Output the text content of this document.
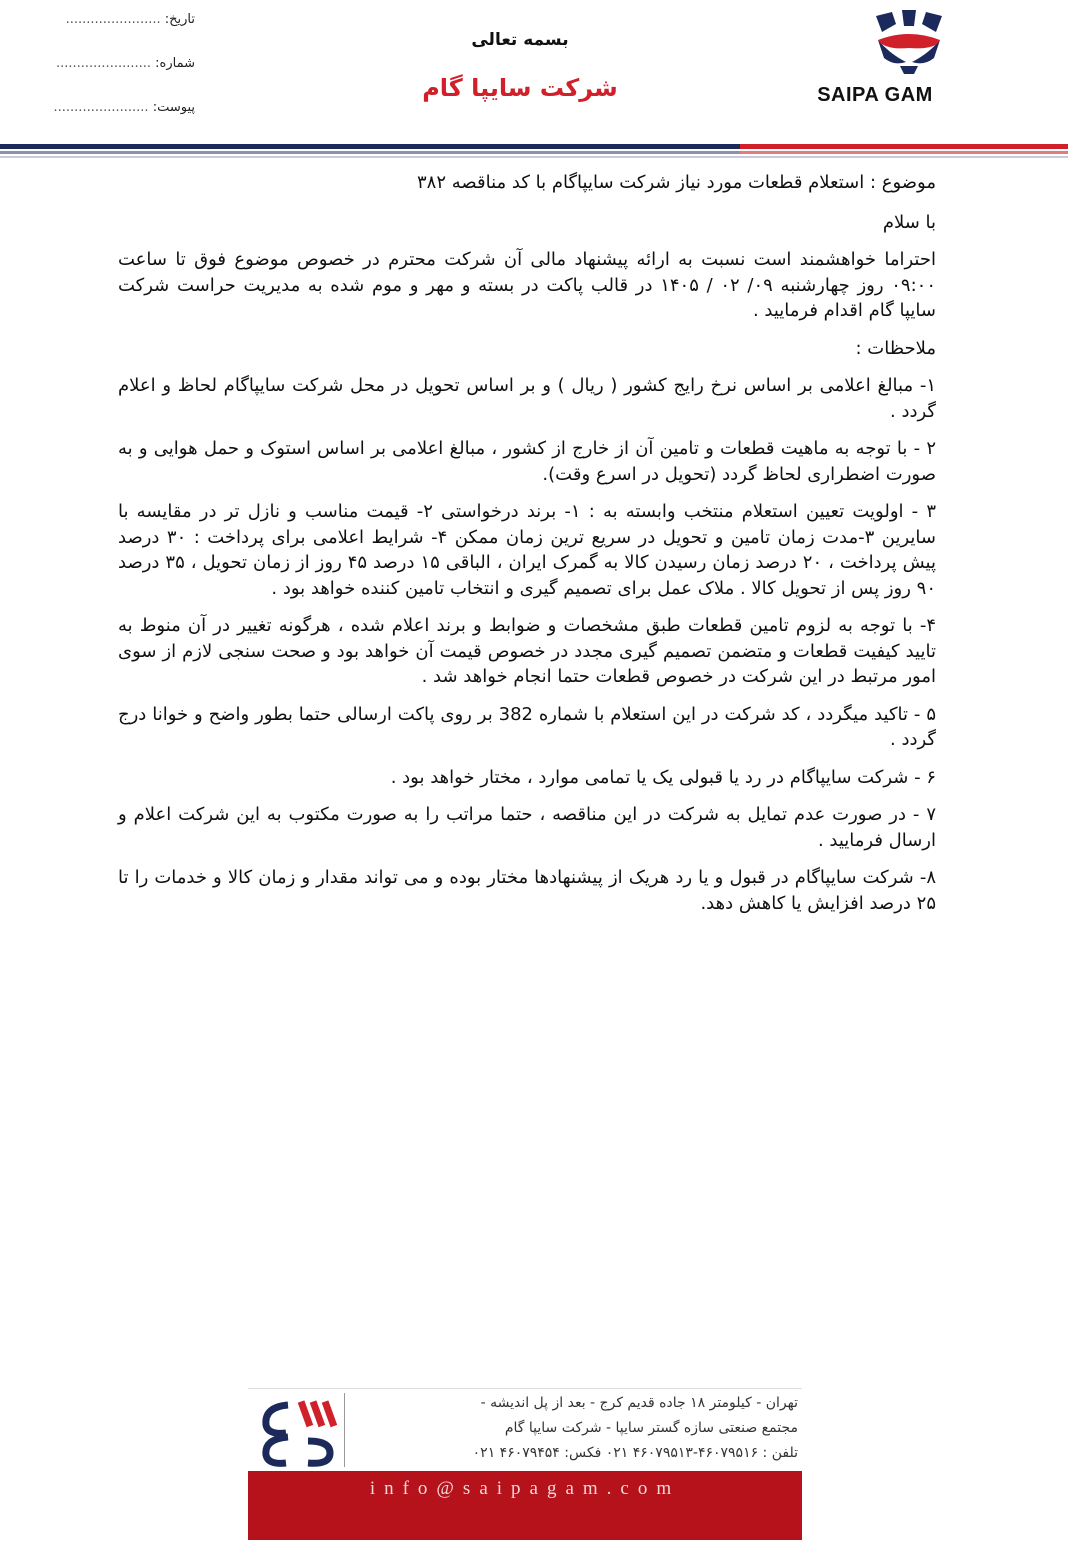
تاریخ: .......................
شماره: .......................
پیوست: .......................
بسمه تعالی
شرکت سایپا گام	SAIPA GAM

موضوع : استعلام قطعات مورد نیاز شرکت سایپاگام با کد مناقصه ۳۸۲

با سلام

احتراما خواهشمند است نسبت به ارائه پیشنهاد مالی آن شرکت محترم در خصوص موضوع فوق تا ساعت ۰۹:۰۰ روز چهارشنبه ۰۹/ ۰۲ / ۱۴۰۵ در قالب پاکت در بسته و مهر و موم شده به مدیریت حراست شرکت سایپا گام اقدام فرمایید .

ملاحظات :

۱- مبالغ اعلامی بر اساس نرخ رایج کشور ( ریال ) و بر اساس تحویل در محل شرکت سایپاگام لحاظ و اعلام گردد .

۲ - با توجه به ماهیت قطعات و تامین آن از خارج از کشور ، مبالغ اعلامی بر اساس استوک و حمل هوایی و به صورت اضطراری لحاظ گردد (تحویل در اسرع وقت).

۳ - اولویت تعیین استعلام منتخب وابسته به : ۱- برند درخواستی ۲- قیمت مناسب و نازل تر در مقایسه با سایرین ۳-مدت زمان تامین و تحویل در سریع ترین زمان ممکن ۴- شرایط اعلامی برای پرداخت : ۳۰ درصد پیش پرداخت ، ۲۰ درصد زمان رسیدن کالا به گمرک ایران ، الباقی ۱۵ درصد ۴۵ روز از زمان تحویل ، ۳۵ درصد ۹۰ روز پس از تحویل کالا . ملاک عمل برای تصمیم گیری و انتخاب تامین کننده خواهد بود .

۴- با توجه به لزوم تامین قطعات طبق مشخصات و ضوابط و برند اعلام شده ، هرگونه تغییر در آن منوط به تایید کیفیت قطعات و متضمن تصمیم گیری مجدد در خصوص قیمت آن خواهد بود و صحت سنجی لازم از سوی امور مرتبط در این شرکت در خصوص قطعات حتما انجام خواهد شد .

۵ - تاکید میگردد ، کد شرکت در این استعلام با شماره 382 بر روی پاکت ارسالی حتما بطور واضح و خوانا درج گردد .

۶ - شرکت سایپاگام در رد یا قبولی یک یا تمامی موارد ، مختار خواهد بود .

۷ - در صورت عدم تمایل به شرکت در این مناقصه ، حتما مراتب را به صورت مکتوب به این شرکت اعلام و ارسال فرمایید .

۸- شرکت سایپاگام در قبول و یا رد هریک از پیشنهادها مختار بوده و می تواند مقدار و زمان کالا و خدمات را تا ۲۵ درصد افزایش یا کاهش دهد.

تهران - کیلومتر ۱۸ جاده قدیم کرج - بعد از پل اندیشه -
مجتمع صنعتی سازه گستر سایپا - شرکت سایپا گام
تلفن : ۴۶۰۷۹۵۱۶-۴۶۰۷۹۵۱۳ ۰۲۱ فکس: ۴۶۰۷۹۴۵۴ ۰۲۱
info@saipagam.com
